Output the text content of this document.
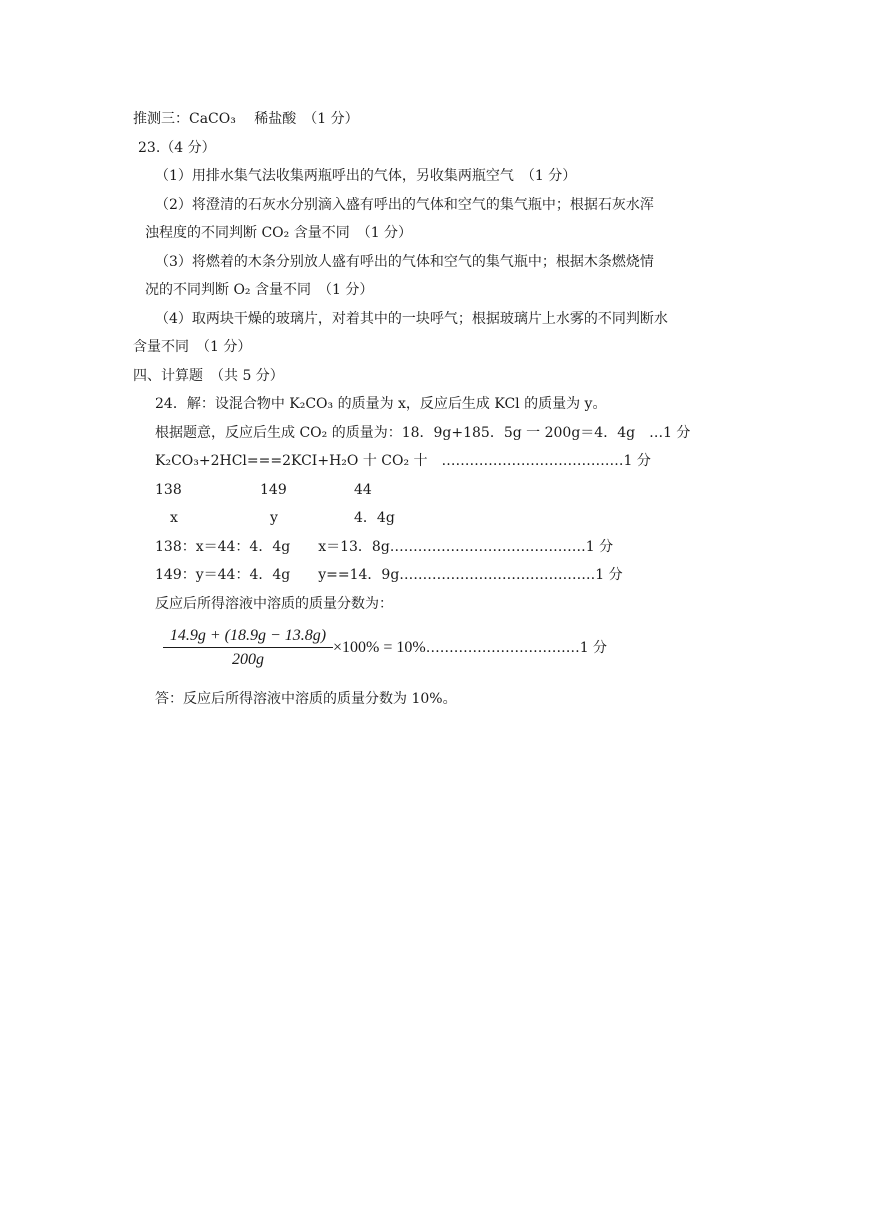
推测三：CaCO₃　 稀盐酸　（1 分）
23.（4 分）
（1）用排水集气法收集两瓶呼出的气体，另收集两瓶空气　（1 分）
（2）将澄清的石灰水分别滴入盛有呼出的气体和空气的集气瓶中；根据石灰水浑
浊程度的不同判断 CO₂ 含量不同　（1 分）
（3）将燃着的木条分别放人盛有呼出的气体和空气的集气瓶中；根据木条燃烧情
况的不同判断 O₂ 含量不同　（1 分）
（4）取两块干燥的玻璃片，对着其中的一块呼气；根据玻璃片上水雾的不同判断水
含量不同　（1 分）
四、计算题　（共 5 分）
24．解：设混合物中 K₂CO₃ 的质量为 x，反应后生成 KCl 的质量为 y。
根据题意，反应后生成 CO₂ 的质量为：18．9g+185．5g 一 200g＝4．4g　…1 分
K₂CO₃+2HCl===2KCI+H₂O 十 CO₂ 十　…………………………………1 分
138	149	44
x	y	4．4g
138：x＝44：4．4g　　x＝13．8g……………………………………1 分
149：y＝44：4．4g　　y==14．9g……………………………………1 分
反应后所得溶液中溶质的质量分数为：
14.9g + (18.9g − 13.8g)
200g
×100% = 10%……………………………1 分
答：反应后所得溶液中溶质的质量分数为 10%。
